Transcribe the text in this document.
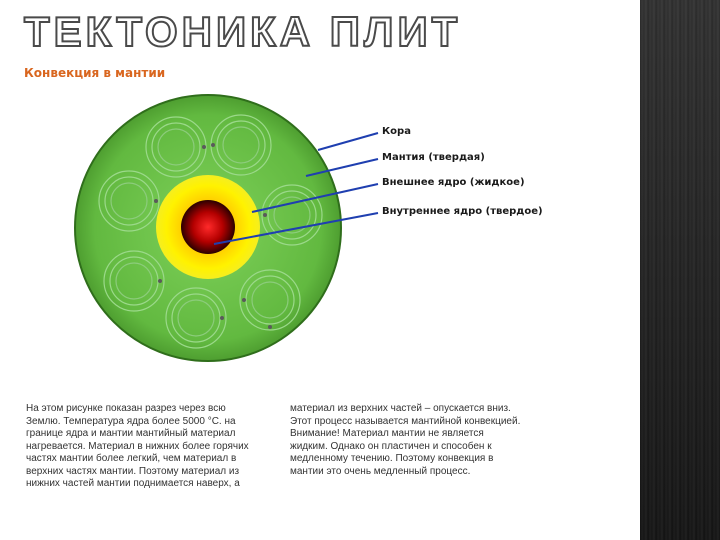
ТЕКТОНИКА ПЛИТ
Конвекция в мантии
Кора
Мантия (твердая)
Внешнее ядро (жидкое)
Внутреннее ядро (твердое)
На этом рисунке показан разрез через всю
Землю. Температура ядра более 5000 °С. на
границе ядра и мантии мантийный материал
нагревается. Материал в нижних более горячих
частях мантии более легкий, чем материал в
верхних частях мантии. Поэтому материал из
нижних частей мантии поднимается наверх, а
материал из верхних частей – опускается вниз.
Этот процесс называется мантийной конвекцией.
Внимание! Материал мантии не является
жидким. Однако он пластичен и способен к
медленному течению. Поэтому конвекция в
мантии это очень медленный процесс.
